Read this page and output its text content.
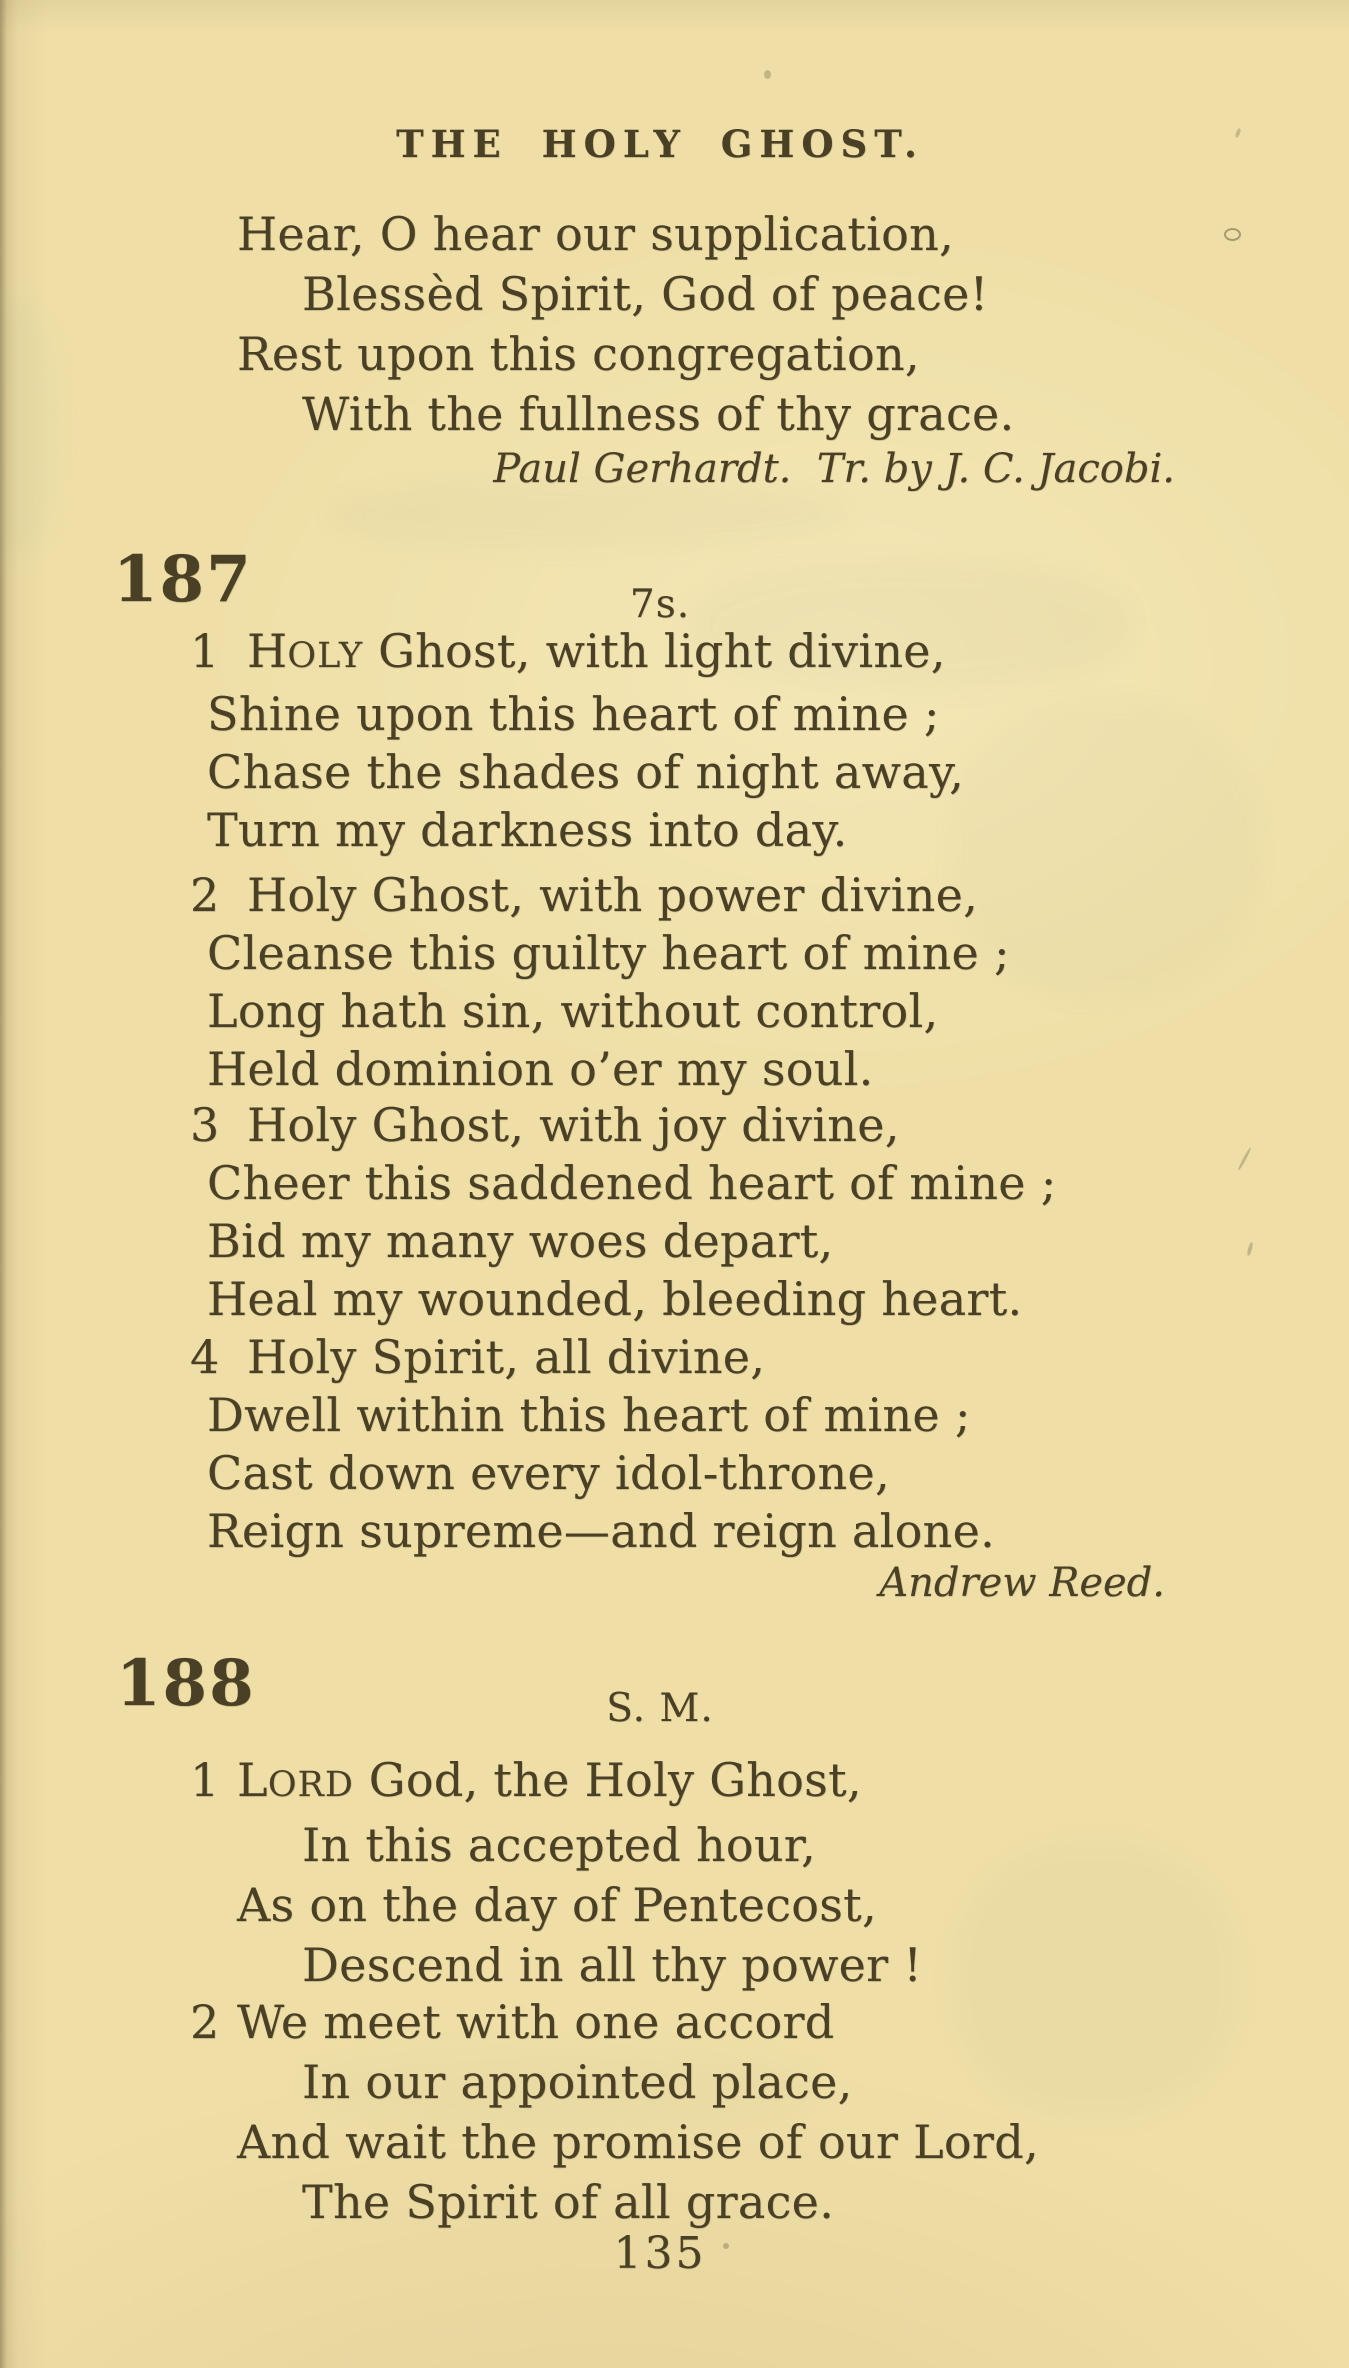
THE HOLY GHOST.
Hear, O hear our supplication,
Blessèd Spirit, God of peace!
Rest upon this congregation,
With the fullness of thy grace.
Paul Gerhardt.  Tr. by J. C. Jacobi.
187	7s.
1 HOLY Ghost, with light divine,
Shine upon this heart of mine ;
Chase the shades of night away,
Turn my darkness into day.
2 Holy Ghost, with power divine,
Cleanse this guilty heart of mine ;
Long hath sin, without control,
Held dominion o’er my soul.
3 Holy Ghost, with joy divine,
Cheer this saddened heart of mine ;
Bid my many woes depart,
Heal my wounded, bleeding heart.
4 Holy Spirit, all divine,
Dwell within this heart of mine ;
Cast down every idol-throne,
Reign supreme—and reign alone.
Andrew Reed.
188	S. M.
1 LORD God, the Holy Ghost,
In this accepted hour,
As on the day of Pentecost,
Descend in all thy power !
2 We meet with one accord
In our appointed place,
And wait the promise of our Lord,
The Spirit of all grace.
135
